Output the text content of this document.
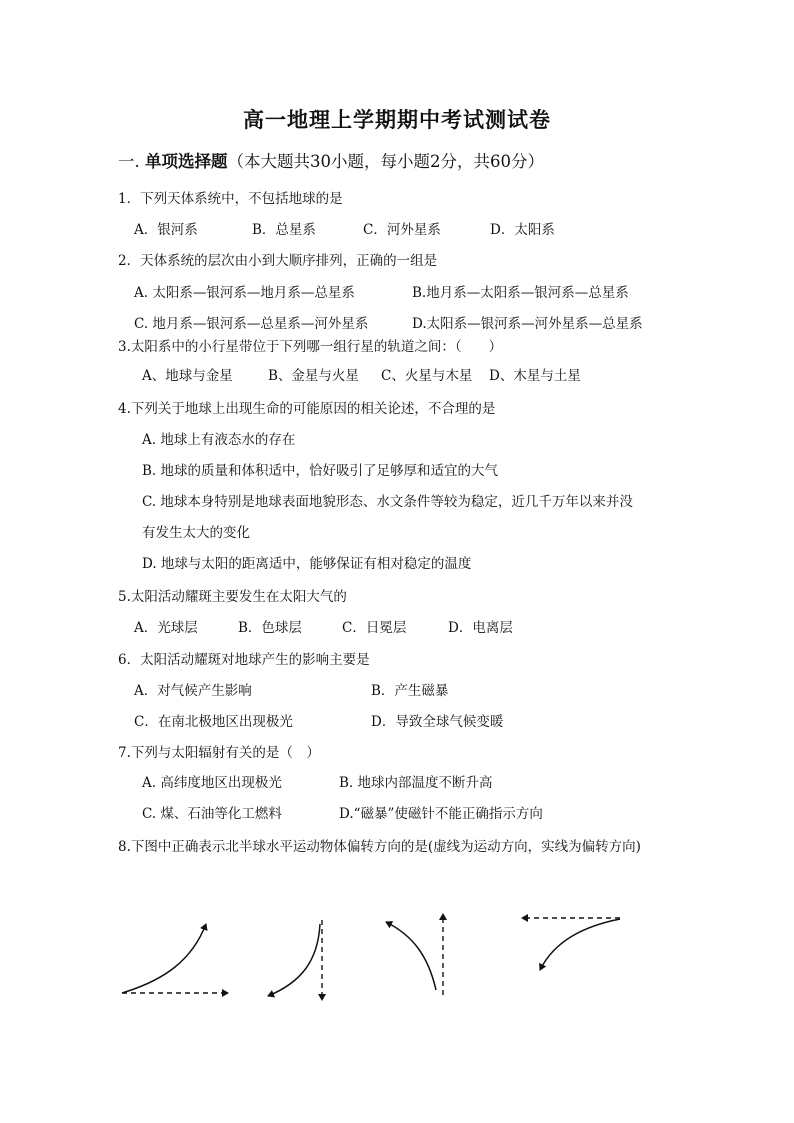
高一地理上学期期中考试测试卷
一. 单项选择题（本大题共30小题，每小题2分，共60分）
1．下列天体系统中，不包括地球的是
A．银河系	B．总星系	C．河外星系	D．太阳系
2．天体系统的层次由小到大顺序排列，正确的一组是
A. 太阳系—银河系—地月系—总星系	B.地月系—太阳系—银河系—总星系
C. 地月系—银河系—总星系—河外星系	D.太阳系—银河系—河外星系—总星系
3.太阳系中的小行星带位于下列哪一组行星的轨道之间：（　　）
A、地球与金星	B、金星与火星 C、火星与木星 D、木星与土星
4.下列关于地球上出现生命的可能原因的相关论述，不合理的是
A. 地球上有液态水的存在
B. 地球的质量和体积适中，恰好吸引了足够厚和适宜的大气
C. 地球本身特别是地球表面地貌形态、水文条件等较为稳定，近几千万年以来并没
有发生太大的变化
D. 地球与太阳的距离适中，能够保证有相对稳定的温度
5.太阳活动耀斑主要发生在太阳大气的
A．光球层	B．色球层	C．日冕层	D．电离层
6．太阳活动耀斑对地球产生的影响主要是
A．对气候产生影响	B．产生磁暴
C．在南北极地区出现极光	D．导致全球气候变暖
7.下列与太阳辐射有关的是（　）
A. 高纬度地区出现极光	B. 地球内部温度不断升高
C. 煤、石油等化工燃料	D.“磁暴”使磁针不能正确指示方向
8.下图中正确表示北半球水平运动物体偏转方向的是(虚线为运动方向，实线为偏转方向)
